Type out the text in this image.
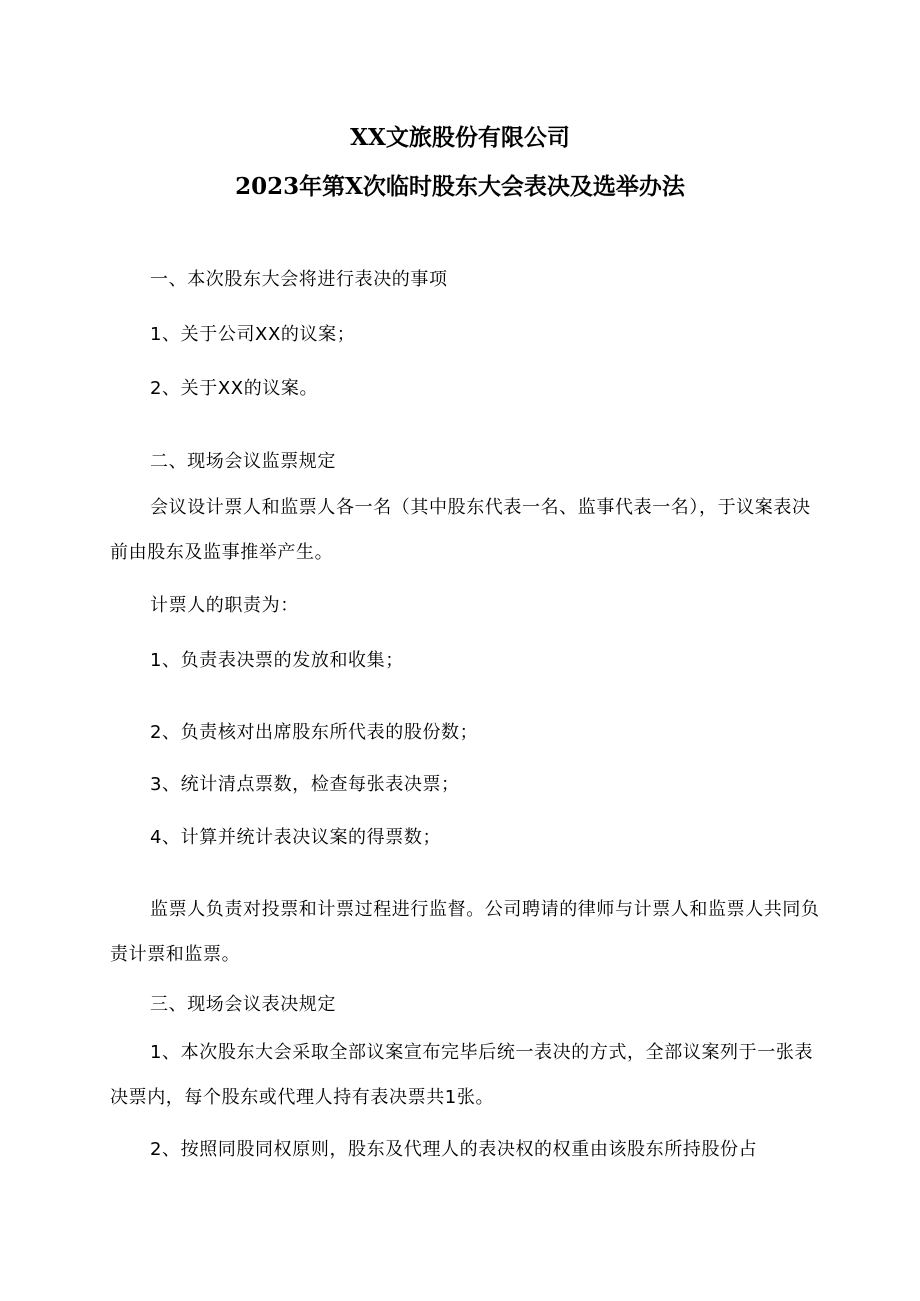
XX文旅股份有限公司
2023年第X次临时股东大会表决及选举办法
一、本次股东大会将进行表决的事项
1、关于公司XX的议案；
2、关于XX的议案。
二、现场会议监票规定
会议设计票人和监票人各一名（其中股东代表一名、监事代表一名），于议案表决前由股东及监事推举产生。
计票人的职责为：
1、负责表决票的发放和收集；
2、负责核对出席股东所代表的股份数；
3、统计清点票数，检查每张表决票；
4、计算并统计表决议案的得票数；
监票人负责对投票和计票过程进行监督。公司聘请的律师与计票人和监票人共同负责计票和监票。
三、现场会议表决规定
1、本次股东大会采取全部议案宣布完毕后统一表决的方式，全部议案列于一张表决票内，每个股东或代理人持有表决票共1张。
2、按照同股同权原则，股东及代理人的表决权的权重由该股东所持股份占
